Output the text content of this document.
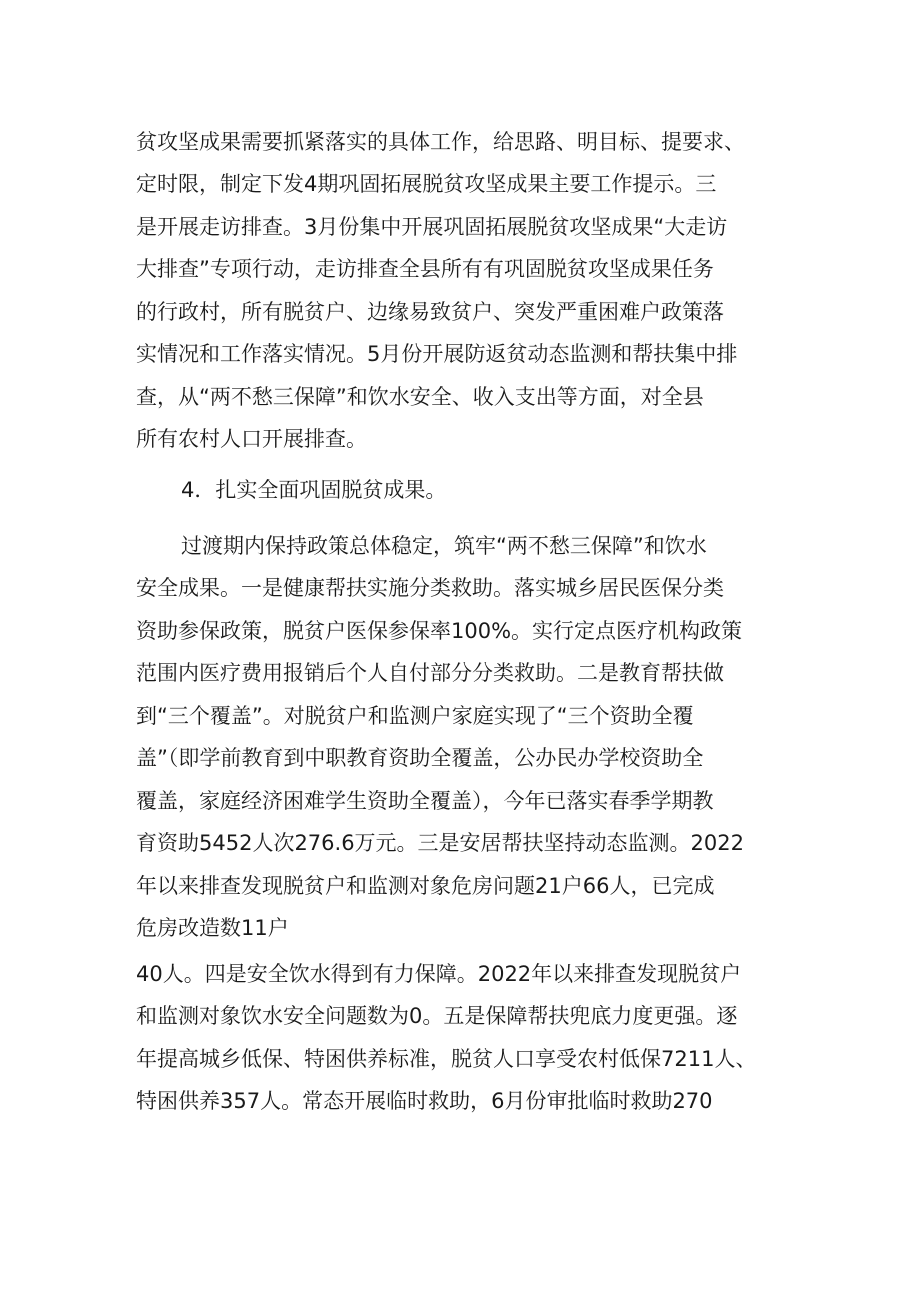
贫攻坚成果需要抓紧落实的具体工作，给思路、明目标、提要求、
定时限，制定下发4期巩固拓展脱贫攻坚成果主要工作提示。三
是开展走访排查。3月份集中开展巩固拓展脱贫攻坚成果“大走访
大排查”专项行动，走访排查全县所有有巩固脱贫攻坚成果任务
的行政村，所有脱贫户、边缘易致贫户、突发严重困难户政策落
实情况和工作落实情况。5月份开展防返贫动态监测和帮扶集中排
查，从“两不愁三保障”和饮水安全、收入支出等方面，对全县
所有农村人口开展排查。
4．扎实全面巩固脱贫成果。
过渡期内保持政策总体稳定，筑牢“两不愁三保障”和饮水
安全成果。一是健康帮扶实施分类救助。落实城乡居民医保分类
资助参保政策，脱贫户医保参保率100%。实行定点医疗机构政策
范围内医疗费用报销后个人自付部分分类救助。二是教育帮扶做
到“三个覆盖”。对脱贫户和监测户家庭实现了“三个资助全覆
盖”（即学前教育到中职教育资助全覆盖，公办民办学校资助全
覆盖，家庭经济困难学生资助全覆盖），今年已落实春季学期教
育资助5452人次276.6万元。三是安居帮扶坚持动态监测。2022
年以来排查发现脱贫户和监测对象危房问题21户66人，已完成
危房改造数11户
40人。四是安全饮水得到有力保障。2022年以来排查发现脱贫户
和监测对象饮水安全问题数为0。五是保障帮扶兜底力度更强。逐
年提高城乡低保、特困供养标准，脱贫人口享受农村低保7211人、
特困供养357人。常态开展临时救助，6月份审批临时救助270
